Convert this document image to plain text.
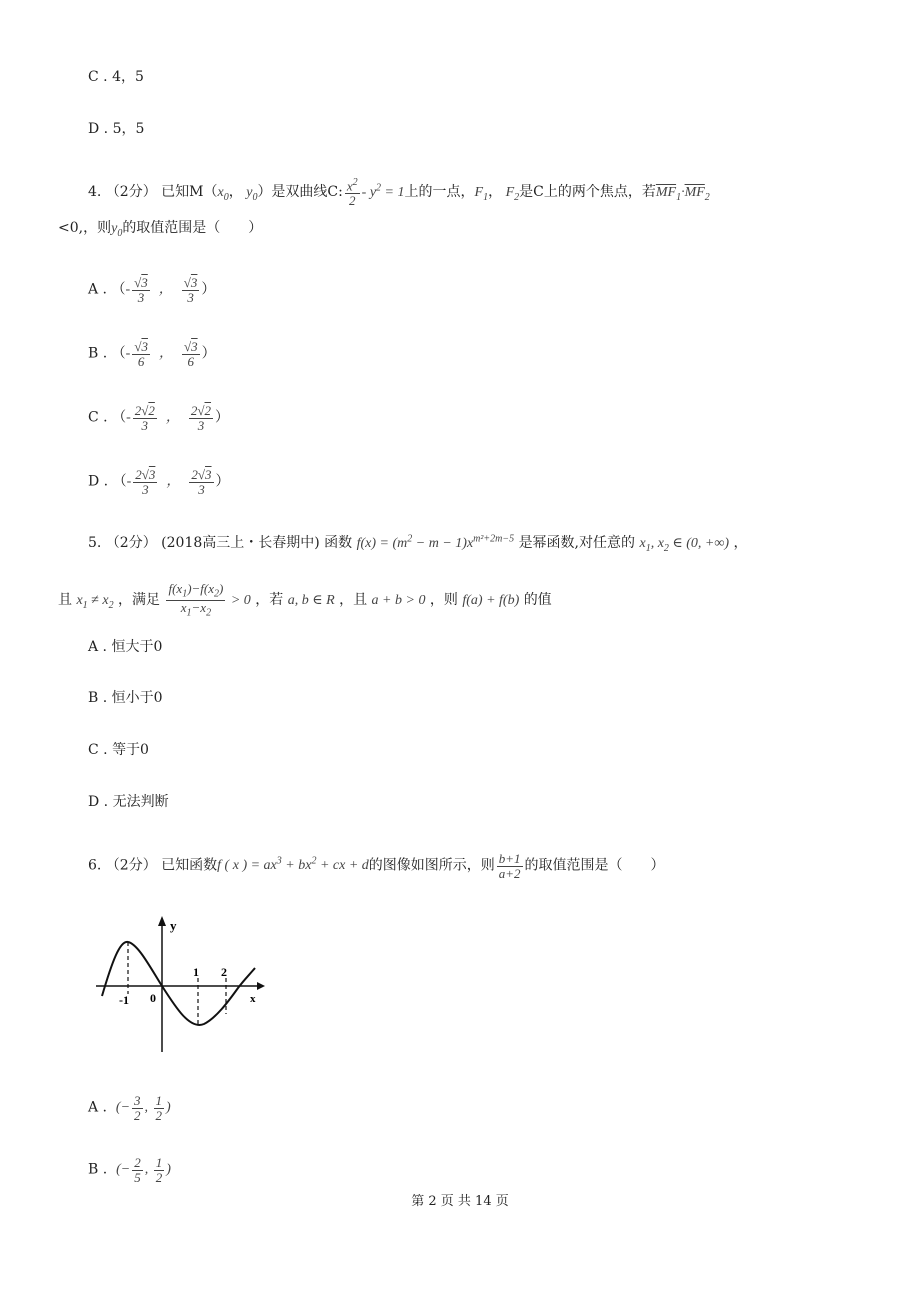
C . 4，5
D . 5，5
4. （2分） 已知$M(x_0$， $y_0$）是双曲线C: $\frac{x^2}{2} - y^2 = 1$上的一点，$F_1$， $F_2$是C上的两个焦点，若$\overline{MF}_1\cdot\overline{MF}_2$
<0,，则$y_0$的取值范围是（　　）
A . （- $\frac{√3}{3}$ ， $\frac{√3}{3}$ ）
B . （- $\frac{√3}{6}$ ， $\frac{√3}{6}$ ）
C . （- $\frac{2√2}{3}$ ， $\frac{2√2}{3}$ ）
D . （- $\frac{2√3}{3}$ ， $\frac{2√3}{3}$ ）
5. （2分） (2018高三上・长春期中) 函数 $f(x) = (m^2 - m - 1)x^{m^2+2m-5}$ 是幂函数,对任意的 $x_1$, $x_2$ ∈ (0, +∞) ，
且 $x_1 \ne x_2$ ，满足 $\frac{f(x_1)-f(x_2)}{x_1-x_2} > 0$ ，若 a, b ∈ R ，且 a + b > 0 ，则 f(a) + f(b) 的值
A . 恒大于0
B . 恒小于0
C . 等于0
D . 无法判断
6. （2分） 已知函数f ( x ) = $ax^3 + bx^2$ + cx + d的图像如图所示，则 $\frac{b+1}{a+2}$ 的取值范围是（　　）
y
x
0
-1
1 2
A . (− $\frac{3}{2}$ , $\frac{1}{2}$ )
B . (− $\frac{2}{5}$ , $\frac{1}{2}$ )
第 2 页 共 14 页
